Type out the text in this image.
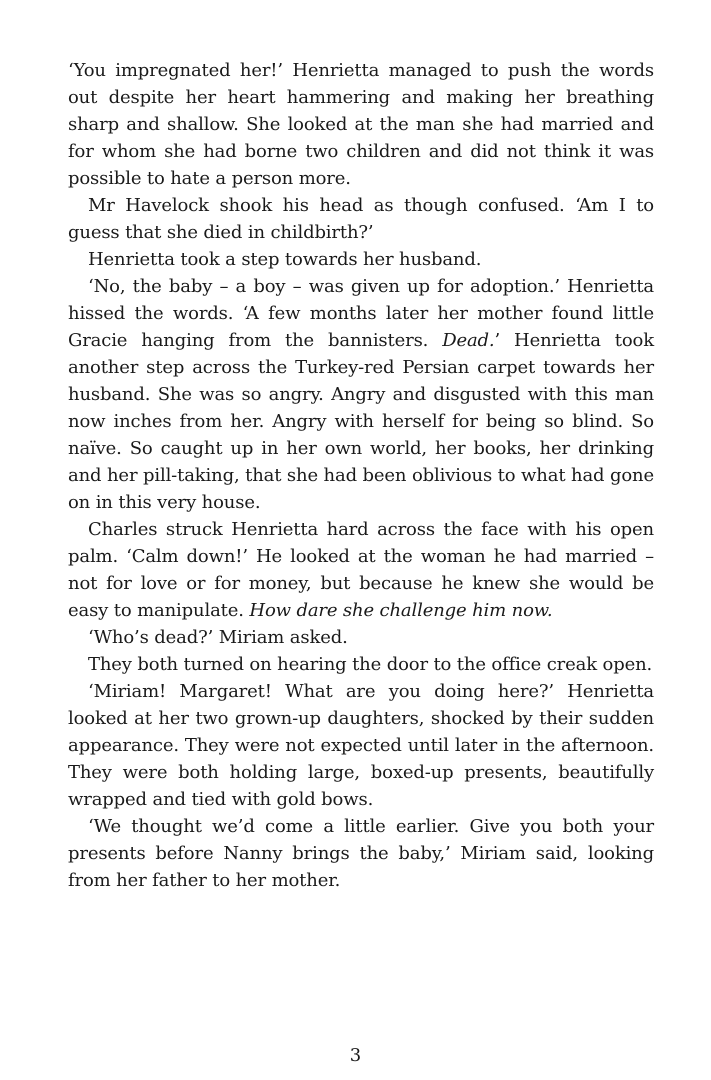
‘You impregnated her!’ Henrietta managed to push the words out despite her heart hammering and making her breathing sharp and shallow. She looked at the man she had married and for whom she had borne two children and did not think it was possible to hate a person more.

Mr Havelock shook his head as though confused. ‘Am I to guess that she died in childbirth?’

Henrietta took a step towards her husband.

‘No, the baby – a boy – was given up for adoption.’ Henrietta hissed the words. ‘A few months later her mother found little Gracie hanging from the bannisters. Dead.’ Henrietta took another step across the Turkey-red Persian carpet towards her husband. She was so angry. Angry and disgusted with this man now inches from her. Angry with herself for being so blind. So naïve. So caught up in her own world, her books, her drinking and her pill-taking, that she had been oblivious to what had gone on in this very house.

Charles struck Henrietta hard across the face with his open palm. ‘Calm down!’ He looked at the woman he had married – not for love or for money, but because he knew she would be easy to manipulate. How dare she challenge him now.

‘Who’s dead?’ Miriam asked.

They both turned on hearing the door to the office creak open.

‘Miriam! Margaret! What are you doing here?’ Henrietta looked at her two grown-up daughters, shocked by their sudden appearance. They were not expected until later in the afternoon. They were both holding large, boxed-up presents, beautifully wrapped and tied with gold bows.

‘We thought we’d come a little earlier. Give you both your presents before Nanny brings the baby,’ Miriam said, looking from her father to her mother.

3
